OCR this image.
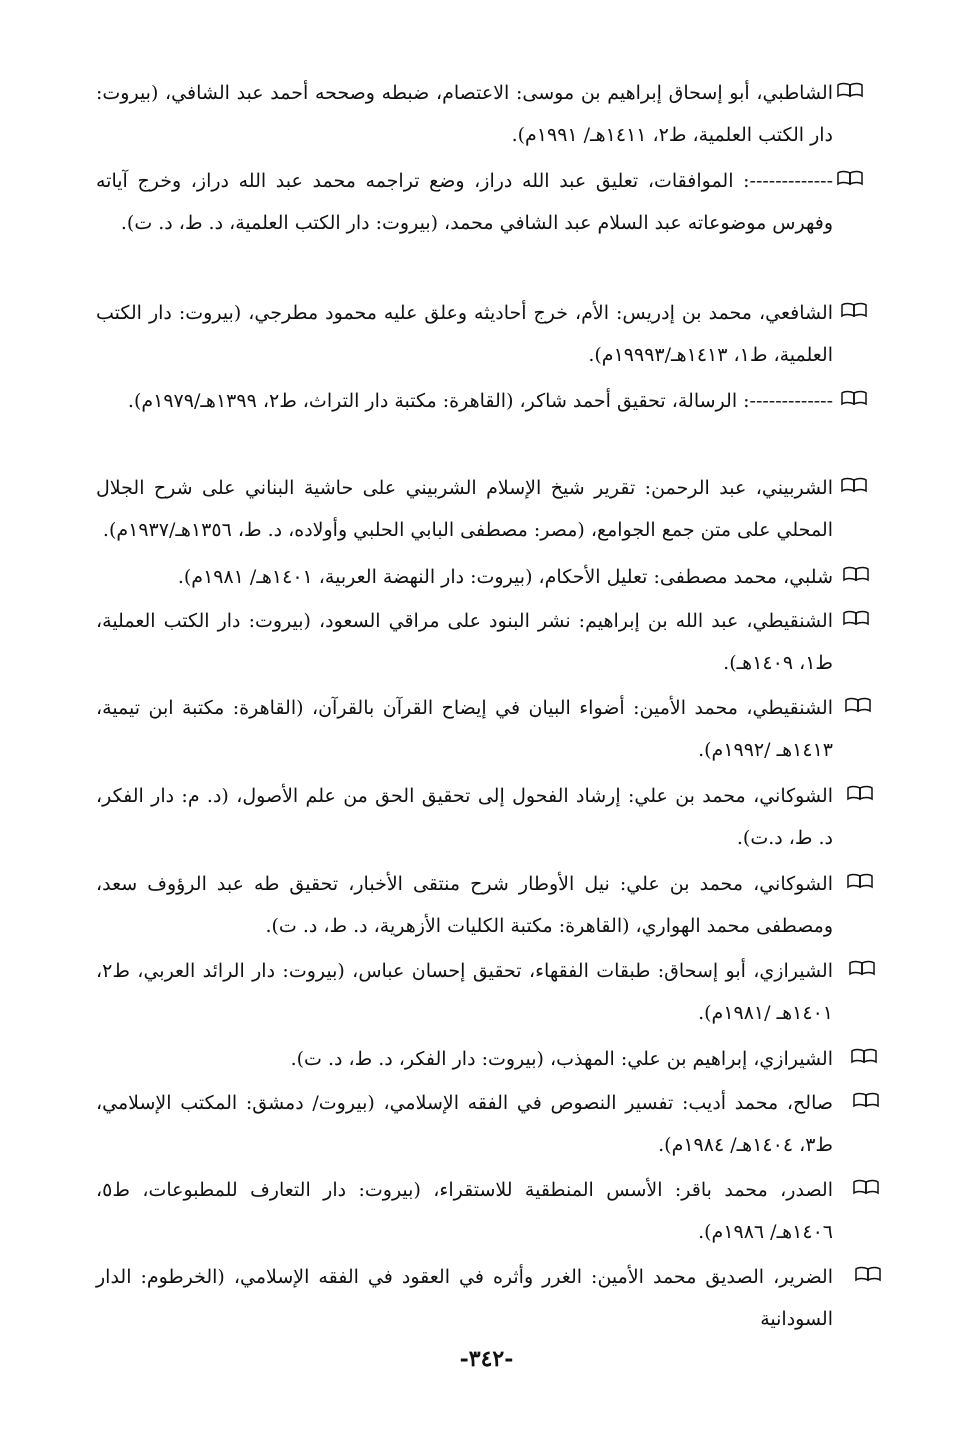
الشاطبي، أبو إسحاق إبراهيم بن موسى: الاعتصام، ضبطه وصححه أحمد عبد الشافي، (بيروت: دار الكتب العلمية، ط٢، ١٤١١هـ/ ١٩٩١م).
-------------: الموافقات، تعليق عبد الله دراز، وضع تراجمه محمد عبد الله دراز، وخرج آياته وفهرس موضوعاته عبد السلام عبد الشافي محمد، (بيروت: دار الكتب العلمية، د. ط، د. ت).
الشافعي، محمد بن إدريس: الأم، خرج أحاديثه وعلق عليه محمود مطرجي، (بيروت: دار الكتب العلمية، ط١، ١٤١٣هـ/١٩٩٩٣م).
-------------: الرسالة، تحقيق أحمد شاكر، (القاهرة: مكتبة دار التراث، ط٢، ١٣٩٩هـ/١٩٧٩م).
الشربيني، عبد الرحمن: تقرير شيخ الإسلام الشربيني على حاشية البناني على شرح الجلال المحلي على متن جمع الجوامع، (مصر: مصطفى البابي الحلبي وأولاده، د. ط، ١٣٥٦هـ/١٩٣٧م).
شلبي، محمد مصطفى: تعليل الأحكام، (بيروت: دار النهضة العربية، ١٤٠١هـ/ ١٩٨١م).
الشنقيطي، عبد الله بن إبراهيم: نشر البنود على مراقي السعود، (بيروت: دار الكتب العملية، ط١، ١٤٠٩هـ).
الشنقيطي، محمد الأمين: أضواء البيان في إيضاح القرآن بالقرآن، (القاهرة: مكتبة ابن تيمية، ١٤١٣هـ /١٩٩٢م).
الشوكاني، محمد بن علي: إرشاد الفحول إلى تحقيق الحق من علم الأصول، (د. م: دار الفكر، د. ط، د.ت).
الشوكاني، محمد بن علي: نيل الأوطار شرح منتقى الأخبار، تحقيق طه عبد الرؤوف سعد، ومصطفى محمد الهواري، (القاهرة: مكتبة الكليات الأزهرية، د. ط، د. ت).
الشيرازي، أبو إسحاق: طبقات الفقهاء، تحقيق إحسان عباس، (بيروت: دار الرائد العربي، ط٢، ١٤٠١هـ /١٩٨١م).
الشيرازي، إبراهيم بن علي: المهذب، (بيروت: دار الفكر، د. ط، د. ت).
صالح، محمد أديب: تفسير النصوص في الفقه الإسلامي، (بيروت/ دمشق: المكتب الإسلامي، ط٣، ١٤٠٤هـ/ ١٩٨٤م).
الصدر، محمد باقر: الأسس المنطقية للاستقراء، (بيروت: دار التعارف للمطبوعات، ط٥، ١٤٠٦هـ/ ١٩٨٦م).
الضرير، الصديق محمد الأمين: الغرر وأثره في العقود في الفقه الإسلامي، (الخرطوم: الدار السودانية
-٣٤٢-
